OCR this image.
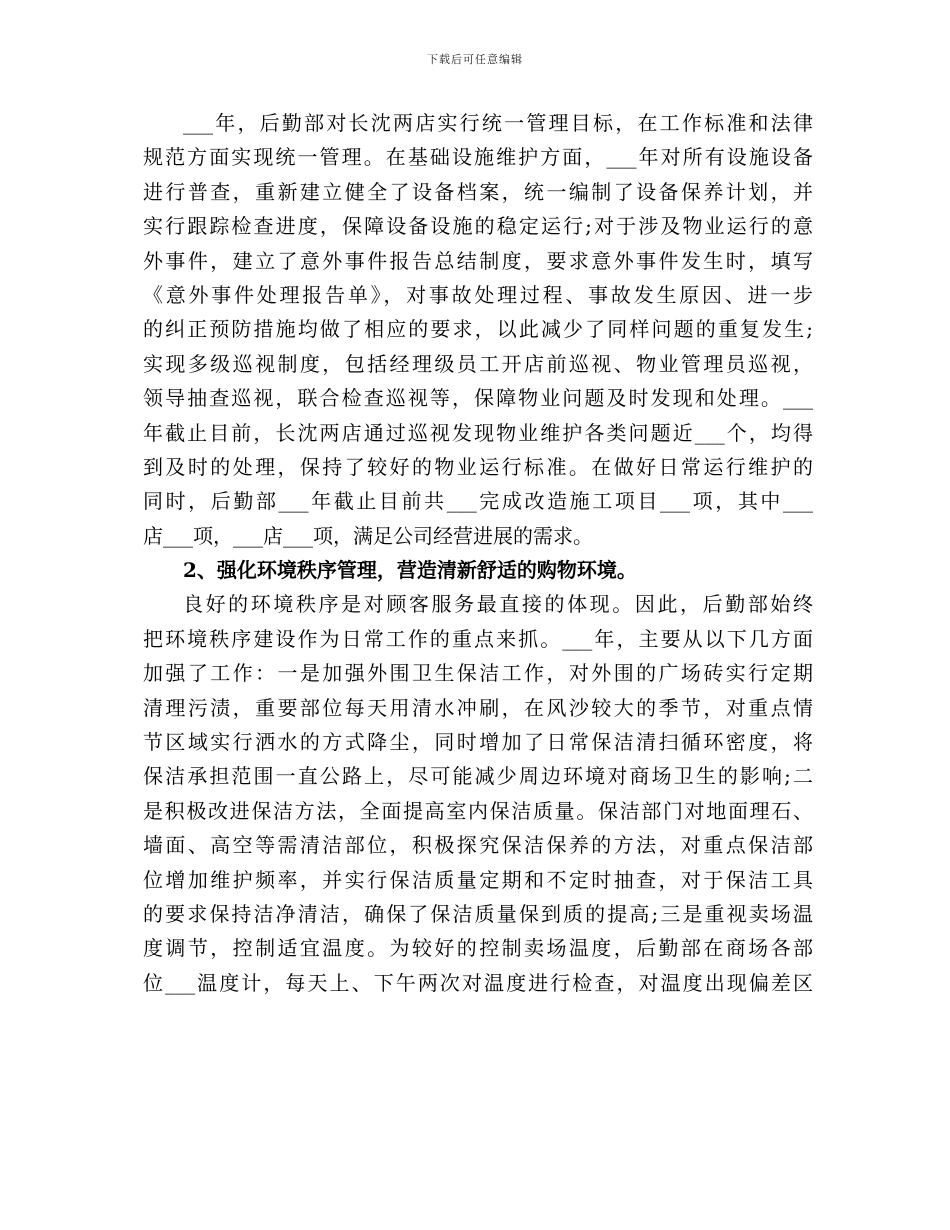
下载后可任意编辑
___年，后勤部对长沈两店实行统一管理目标，在工作标准和法律
规范方面实现统一管理。在基础设施维护方面，___年对所有设施设备
进行普查，重新建立健全了设备档案，统一编制了设备保养计划，并
实行跟踪检查进度，保障设备设施的稳定运行;对于涉及物业运行的意
外事件，建立了意外事件报告总结制度，要求意外事件发生时，填写
《意外事件处理报告单》，对事故处理过程、事故发生原因、进一步
的纠正预防措施均做了相应的要求，以此减少了同样问题的重复发生;
实现多级巡视制度，包括经理级员工开店前巡视、物业管理员巡视，
领导抽查巡视，联合检查巡视等，保障物业问题及时发现和处理。___
年截止目前，长沈两店通过巡视发现物业维护各类问题近___个，均得
到及时的处理，保持了较好的物业运行标准。在做好日常运行维护的
同时，后勤部___年截止目前共___完成改造施工项目___项，其中___
店___项，___店___项，满足公司经营进展的需求。
2、强化环境秩序管理，营造清新舒适的购物环境。
良好的环境秩序是对顾客服务最直接的体现。因此，后勤部始终
把环境秩序建设作为日常工作的重点来抓。___年，主要从以下几方面
加强了工作：一是加强外围卫生保洁工作，对外围的广场砖实行定期
清理污渍，重要部位每天用清水冲刷，在风沙较大的季节，对重点情
节区域实行洒水的方式降尘，同时增加了日常保洁清扫循环密度，将
保洁承担范围一直公路上，尽可能减少周边环境对商场卫生的影响;二
是积极改进保洁方法，全面提高室内保洁质量。保洁部门对地面理石、
墙面、高空等需清洁部位，积极探究保洁保养的方法，对重点保洁部
位增加维护频率，并实行保洁质量定期和不定时抽查，对于保洁工具
的要求保持洁净清洁，确保了保洁质量保到质的提高;三是重视卖场温
度调节，控制适宜温度。为较好的控制卖场温度，后勤部在商场各部
位___温度计，每天上、下午两次对温度进行检查，对温度出现偏差区
